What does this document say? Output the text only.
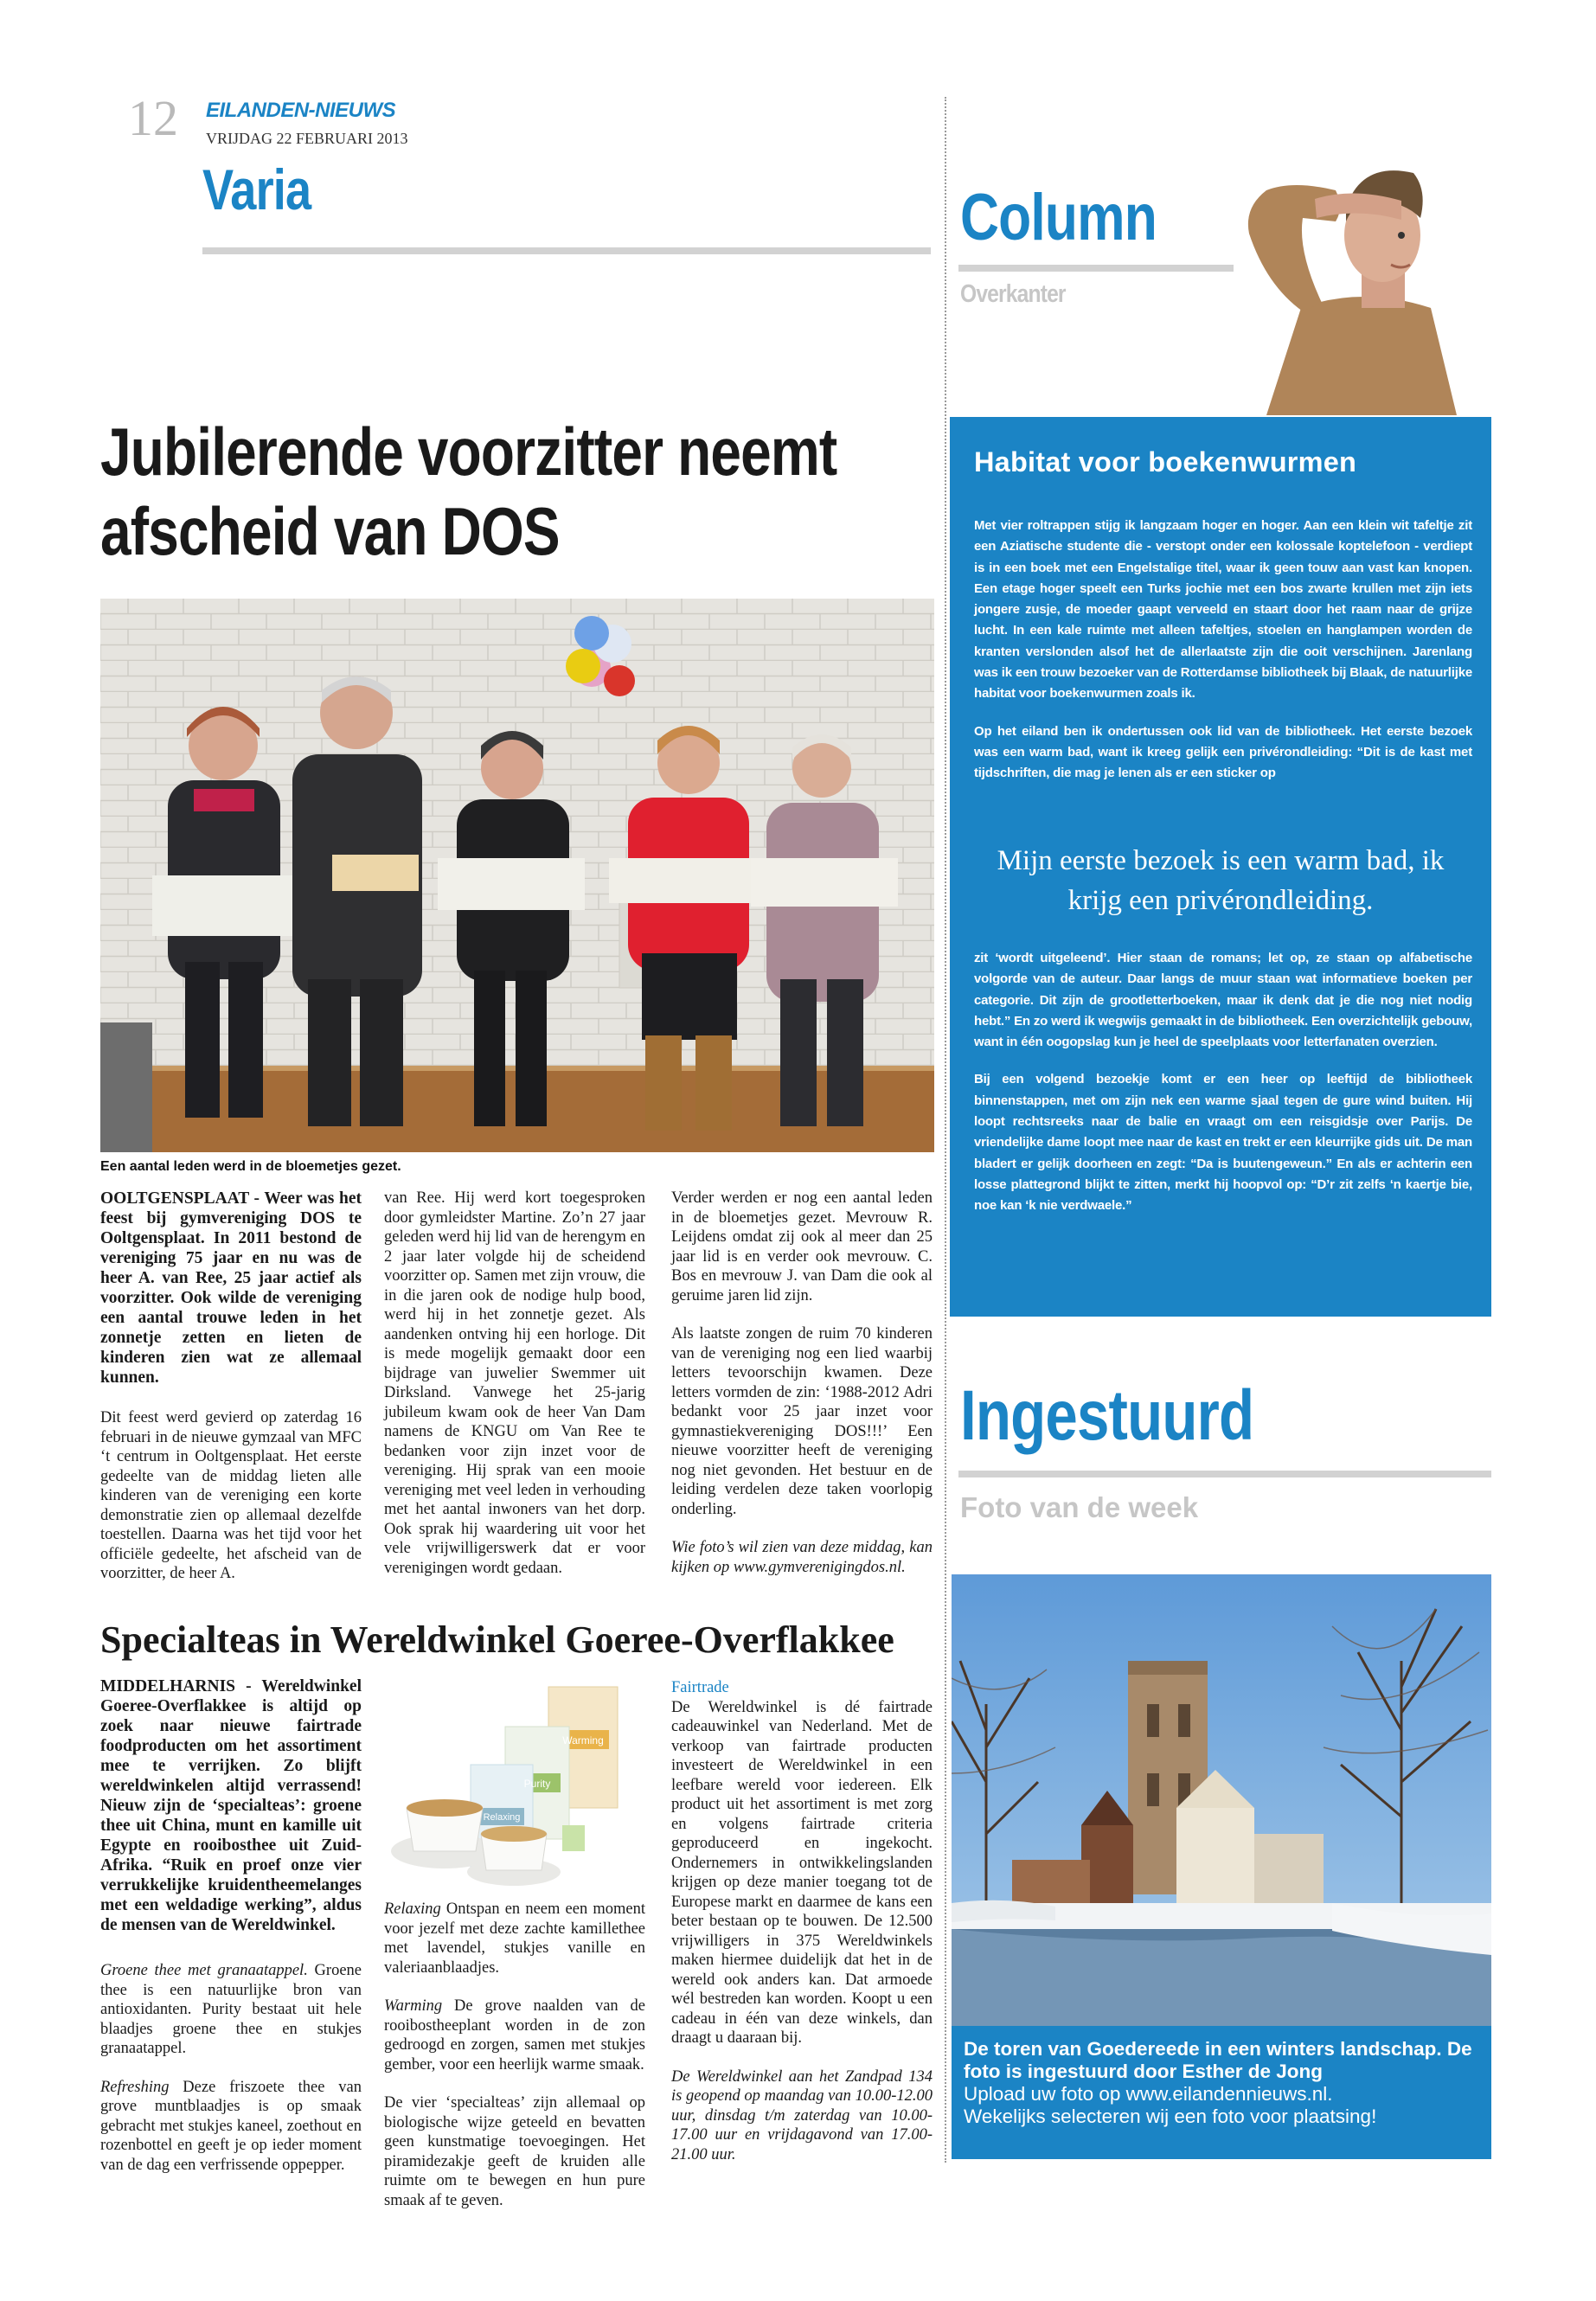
12 EILANDEN-NIEUWS
VRIJDAG 22 FEBRUARI 2013
Varia
Jubilerende voorzitter neemt afscheid van DOS
Een aantal leden werd in de bloemetjes gezet.
OOLTGENSPLAAT - Weer was het feest bij gymvereniging DOS te Ooltgensplaat. In 2011 bestond de vereniging 75 jaar en nu was de heer A. van Ree, 25 jaar actief als voorzitter. Ook wilde de vereniging een aantal trouwe leden in het zonnetje zetten en lieten de kinderen zien wat ze allemaal kunnen.
Dit feest werd gevierd op zaterdag 16 februari in de nieuwe gymzaal van MFC ‘t centrum in Ooltgensplaat. Het eerste gedeelte van de middag lieten alle kinderen van de vereniging een korte demonstratie zien op allemaal dezelfde toestellen. Daarna was het tijd voor het officiële gedeelte, het afscheid van de voorzitter, de heer A.
van Ree. Hij werd kort toegesproken door gymleidster Martine. Zo’n 27 jaar geleden werd hij lid van de herengym en 2 jaar later volgde hij de scheidend voorzitter op. Samen met zijn vrouw, die in die jaren ook de nodige hulp bood, werd hij in het zonnetje gezet. Als aandenken ontving hij een horloge. Dit is mede mogelijk gemaakt door een bijdrage van juwelier Swemmer uit Dirksland. Vanwege het 25-jarig jubileum kwam ook de heer Van Dam namens de KNGU om Van Ree te bedanken voor zijn inzet voor de vereniging. Hij sprak van een mooie vereniging met veel leden in verhouding met het aantal inwoners van het dorp. Ook sprak hij waardering uit voor het vele vrijwilligerswerk dat er voor verenigingen wordt gedaan.
Verder werden er nog een aantal leden in de bloemetjes gezet. Mevrouw R. Leijdens omdat zij ook al meer dan 25 jaar lid is en verder ook mevrouw. C. Bos en mevrouw J. van Dam die ook al geruime jaren lid zijn.
Als laatste zongen de ruim 70 kinderen van de vereniging nog een lied waarbij letters tevoorschijn kwamen. Deze letters vormden de zin: ‘1988-2012 Adri bedankt voor 25 jaar inzet voor gymnastiekvereniging DOS!!!’ Een nieuwe voorzitter heeft de vereniging nog niet gevonden. Het bestuur en de leiding verdelen deze taken voorlopig onderling.
Wie foto’s wil zien van deze middag, kan kijken op www.gymverenigingdos.nl.
Specialteas in Wereldwinkel Goeree-Overflakkee
MIDDELHARNIS - Wereldwinkel Goeree-Overflakkee is altijd op zoek naar nieuwe fairtrade foodproducten om het assortiment mee te verrijken. Zo blijft wereldwinkelen altijd verrassend! Nieuw zijn de ‘specialteas’: groene thee uit China, munt en kamille uit Egypte en rooibosthee uit Zuid-Afrika. “Ruik en proef onze vier verrukkelijke kruidentheemelanges met een weldadige werking”, aldus de mensen van de Wereldwinkel.
Groene thee met granaatappel. Groene thee is een natuurlijke bron van antioxidanten. Purity bestaat uit hele blaadjes groene thee en stukjes granaatappel.
Refreshing Deze friszoete thee van grove muntblaadjes is op smaak gebracht met stukjes kaneel, zoethout en rozenbottel en geeft je op ieder moment van de dag een verfrissende oppepper.
Warming
Purity
Relaxing
Relaxing Ontspan en neem een moment voor jezelf met deze zachte kamillethee met lavendel, stukjes vanille en valeriaanblaadjes.
Warming De grove naalden van de rooibostheeplant worden in de zon gedroogd en zorgen, samen met stukjes gember, voor een heerlijk warme smaak.
De vier ‘specialteas’ zijn allemaal op biologische wijze geteeld en bevatten geen kunstmatige toevoegingen. Het piramidezakje geeft de kruiden alle ruimte om te bewegen en hun pure smaak af te geven.
Fairtrade
De Wereldwinkel is dé fairtrade cadeauwinkel van Nederland. Met de verkoop van fairtrade producten investeert de Wereldwinkel in een leefbare wereld voor iedereen. Elk product uit het assortiment is met zorg en volgens fairtrade criteria geproduceerd en ingekocht. Ondernemers in ontwikkelingslanden krijgen op deze manier toegang tot de Europese markt en daarmee de kans een beter bestaan op te bouwen. De 12.500 vrijwilligers in 375 Wereldwinkels maken hiermee duidelijk dat het in de wereld ook anders kan. Dat armoede wél bestreden kan worden. Koopt u een cadeau in één van deze winkels, dan draagt u daaraan bij.
De Wereldwinkel aan het Zandpad 134 is geopend op maandag van 10.00-12.00 uur, dinsdag t/m zaterdag van 10.00-17.00 uur en vrijdagavond van 17.00-21.00 uur.
Column
Overkanter
Habitat voor boekenwurmen
Met vier roltrappen stijg ik langzaam hoger en hoger. Aan een klein wit tafeltje zit een Aziatische studente die - verstopt onder een kolossale koptelefoon - verdiept is in een boek met een Engelstalige titel, waar ik geen touw aan vast kan knopen. Een etage hoger speelt een Turks jochie met een bos zwarte krullen met zijn iets jongere zusje, de moeder gaapt verveeld en staart door het raam naar de grijze lucht. In een kale ruimte met alleen tafeltjes, stoelen en hanglampen worden de kranten verslonden alsof het de allerlaatste zijn die ooit verschijnen. Jarenlang was ik een trouw bezoeker van de Rotterdamse bibliotheek bij Blaak, de natuurlijke habitat voor boekenwurmen zoals ik.
Op het eiland ben ik ondertussen ook lid van de bibliotheek. Het eerste bezoek was een warm bad, want ik kreeg gelijk een privérondleiding: “Dit is de kast met tijdschriften, die mag je lenen als er een sticker op
Mijn eerste bezoek is een warm bad, ik krijg een privérondleiding.
zit ‘wordt uitgeleend’. Hier staan de romans; let op, ze staan op alfabetische volgorde van de auteur. Daar langs de muur staan wat informatieve boeken per categorie. Dit zijn de grootletterboeken, maar ik denk dat je die nog niet nodig hebt.” En zo werd ik wegwijs gemaakt in de bibliotheek. Een overzichtelijk gebouw, want in één oogopslag kun je heel de speelplaats voor letterfanaten overzien.
Bij een volgend bezoekje komt er een heer op leeftijd de bibliotheek binnenstappen, met om zijn nek een warme sjaal tegen de gure wind buiten. Hij loopt rechtsreeks naar de balie en vraagt om een reisgidsje over Parijs. De vriendelijke dame loopt mee naar de kast en trekt er een kleurrijke gids uit. De man bladert er gelijk doorheen en zegt: “Da is buutengeweun.” En als er achterin een losse plattegrond blijkt te zitten, merkt hij hoopvol op: “D’r zit zelfs ‘n kaertje bie, noe kan ‘k nie verdwaele.”
Ingestuurd
Foto van de week
De toren van Goedereede in een winters landschap. De foto is ingestuurd door Esther de Jong
Upload uw foto op www.eilandennieuws.nl.
Wekelijks selecteren wij een foto voor plaatsing!
